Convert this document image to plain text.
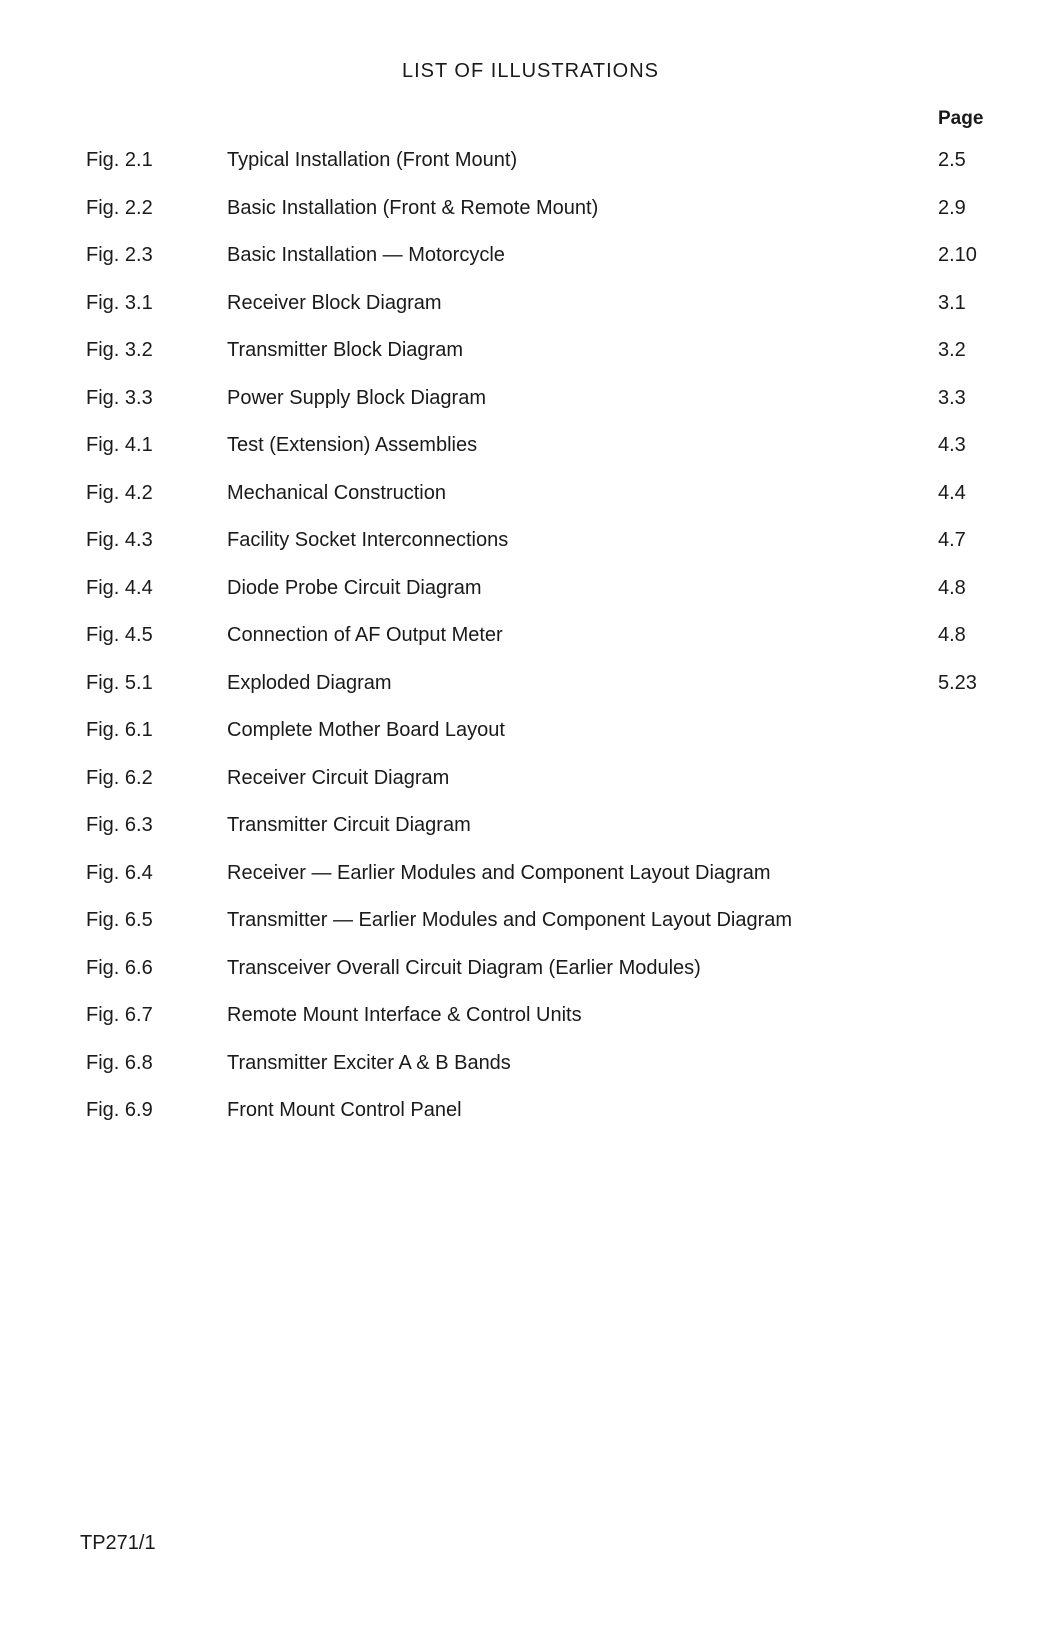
LIST OF ILLUSTRATIONS
Page
Fig. 2.1	Typical Installation (Front Mount)	2.5
Fig. 2.2	Basic Installation (Front & Remote Mount)	2.9
Fig. 2.3	Basic Installation — Motorcycle	2.10
Fig. 3.1	Receiver Block Diagram	3.1
Fig. 3.2	Transmitter Block Diagram	3.2
Fig. 3.3	Power Supply Block Diagram	3.3
Fig. 4.1	Test (Extension) Assemblies	4.3
Fig. 4.2	Mechanical Construction	4.4
Fig. 4.3	Facility Socket Interconnections	4.7
Fig. 4.4	Diode Probe Circuit Diagram	4.8
Fig. 4.5	Connection of AF Output Meter	4.8
Fig. 5.1	Exploded Diagram	5.23
Fig. 6.1	Complete Mother Board Layout
Fig. 6.2	Receiver Circuit Diagram
Fig. 6.3	Transmitter Circuit Diagram
Fig. 6.4	Receiver — Earlier Modules and Component Layout Diagram
Fig. 6.5	Transmitter — Earlier Modules and Component Layout Diagram
Fig. 6.6	Transceiver Overall Circuit Diagram (Earlier Modules)
Fig. 6.7	Remote Mount Interface & Control Units
Fig. 6.8	Transmitter Exciter A & B Bands
Fig. 6.9	Front Mount Control Panel
TP271/1
